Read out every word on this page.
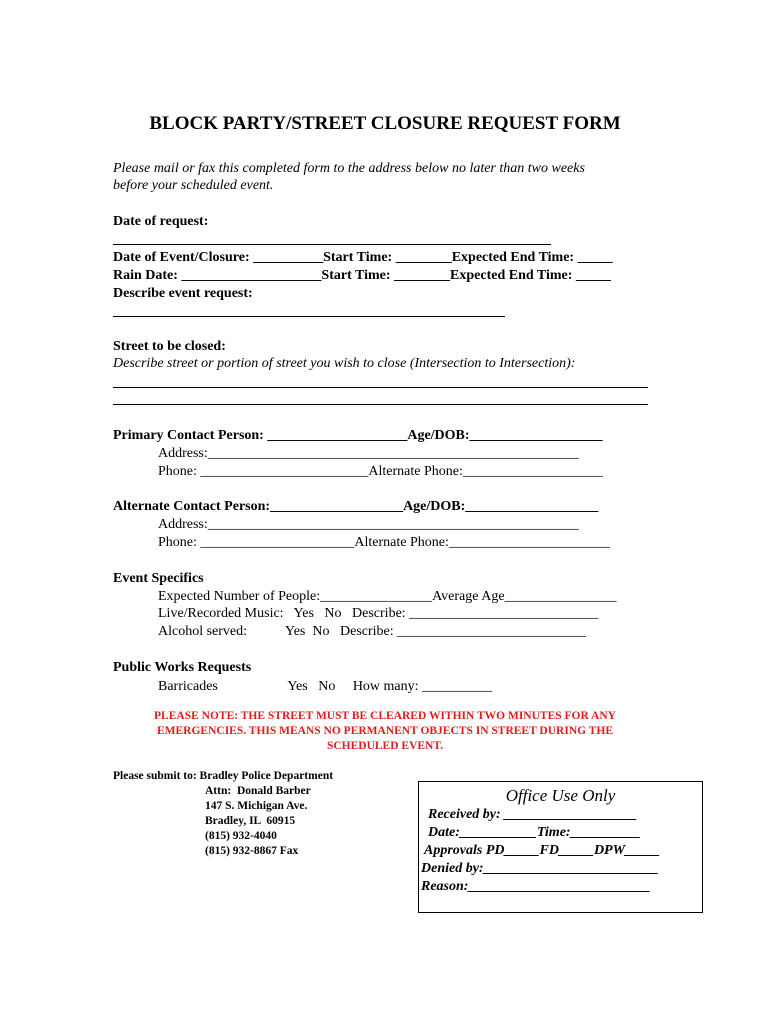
BLOCK PARTY/STREET CLOSURE REQUEST FORM
Please mail or fax this completed form to the address below no later than two weeks
before your scheduled event.
Date of request:
Date of Event/Closure: __________Start Time: ________Expected End Time: _____
Rain Date: ____________________Start Time: ________Expected End Time: _____
Describe event request:
Street to be closed:
Describe street or portion of street you wish to close (Intersection to Intersection):
Primary Contact Person: ____________________Age/DOB:___________________
Address:_____________________________________________________
Phone: ________________________Alternate Phone:____________________
Alternate Contact Person:___________________Age/DOB:___________________
Address:_____________________________________________________
Phone: ______________________Alternate Phone:_______________________
Event Specifics
Expected Number of People:________________Average Age________________
Live/Recorded Music:   Yes   No   Describe: ___________________________
Alcohol served:           Yes  No   Describe: ___________________________
Public Works Requests
Barricades                    Yes   No     How many: __________
PLEASE NOTE: THE STREET MUST BE CLEARED WITHIN TWO MINUTES FOR ANY
EMERGENCIES. THIS MEANS NO PERMANENT OBJECTS IN STREET DURING THE
SCHEDULED EVENT.
Please submit to: Bradley Police Department
Attn:  Donald Barber
147 S. Michigan Ave.
Bradley, IL  60915
(815) 932-4040
(815) 932-8867 Fax
Office Use Only
Received by: ___________________
Date:___________Time:__________
Approvals PD_____FD_____DPW_____
Denied by:_________________________
Reason:__________________________
